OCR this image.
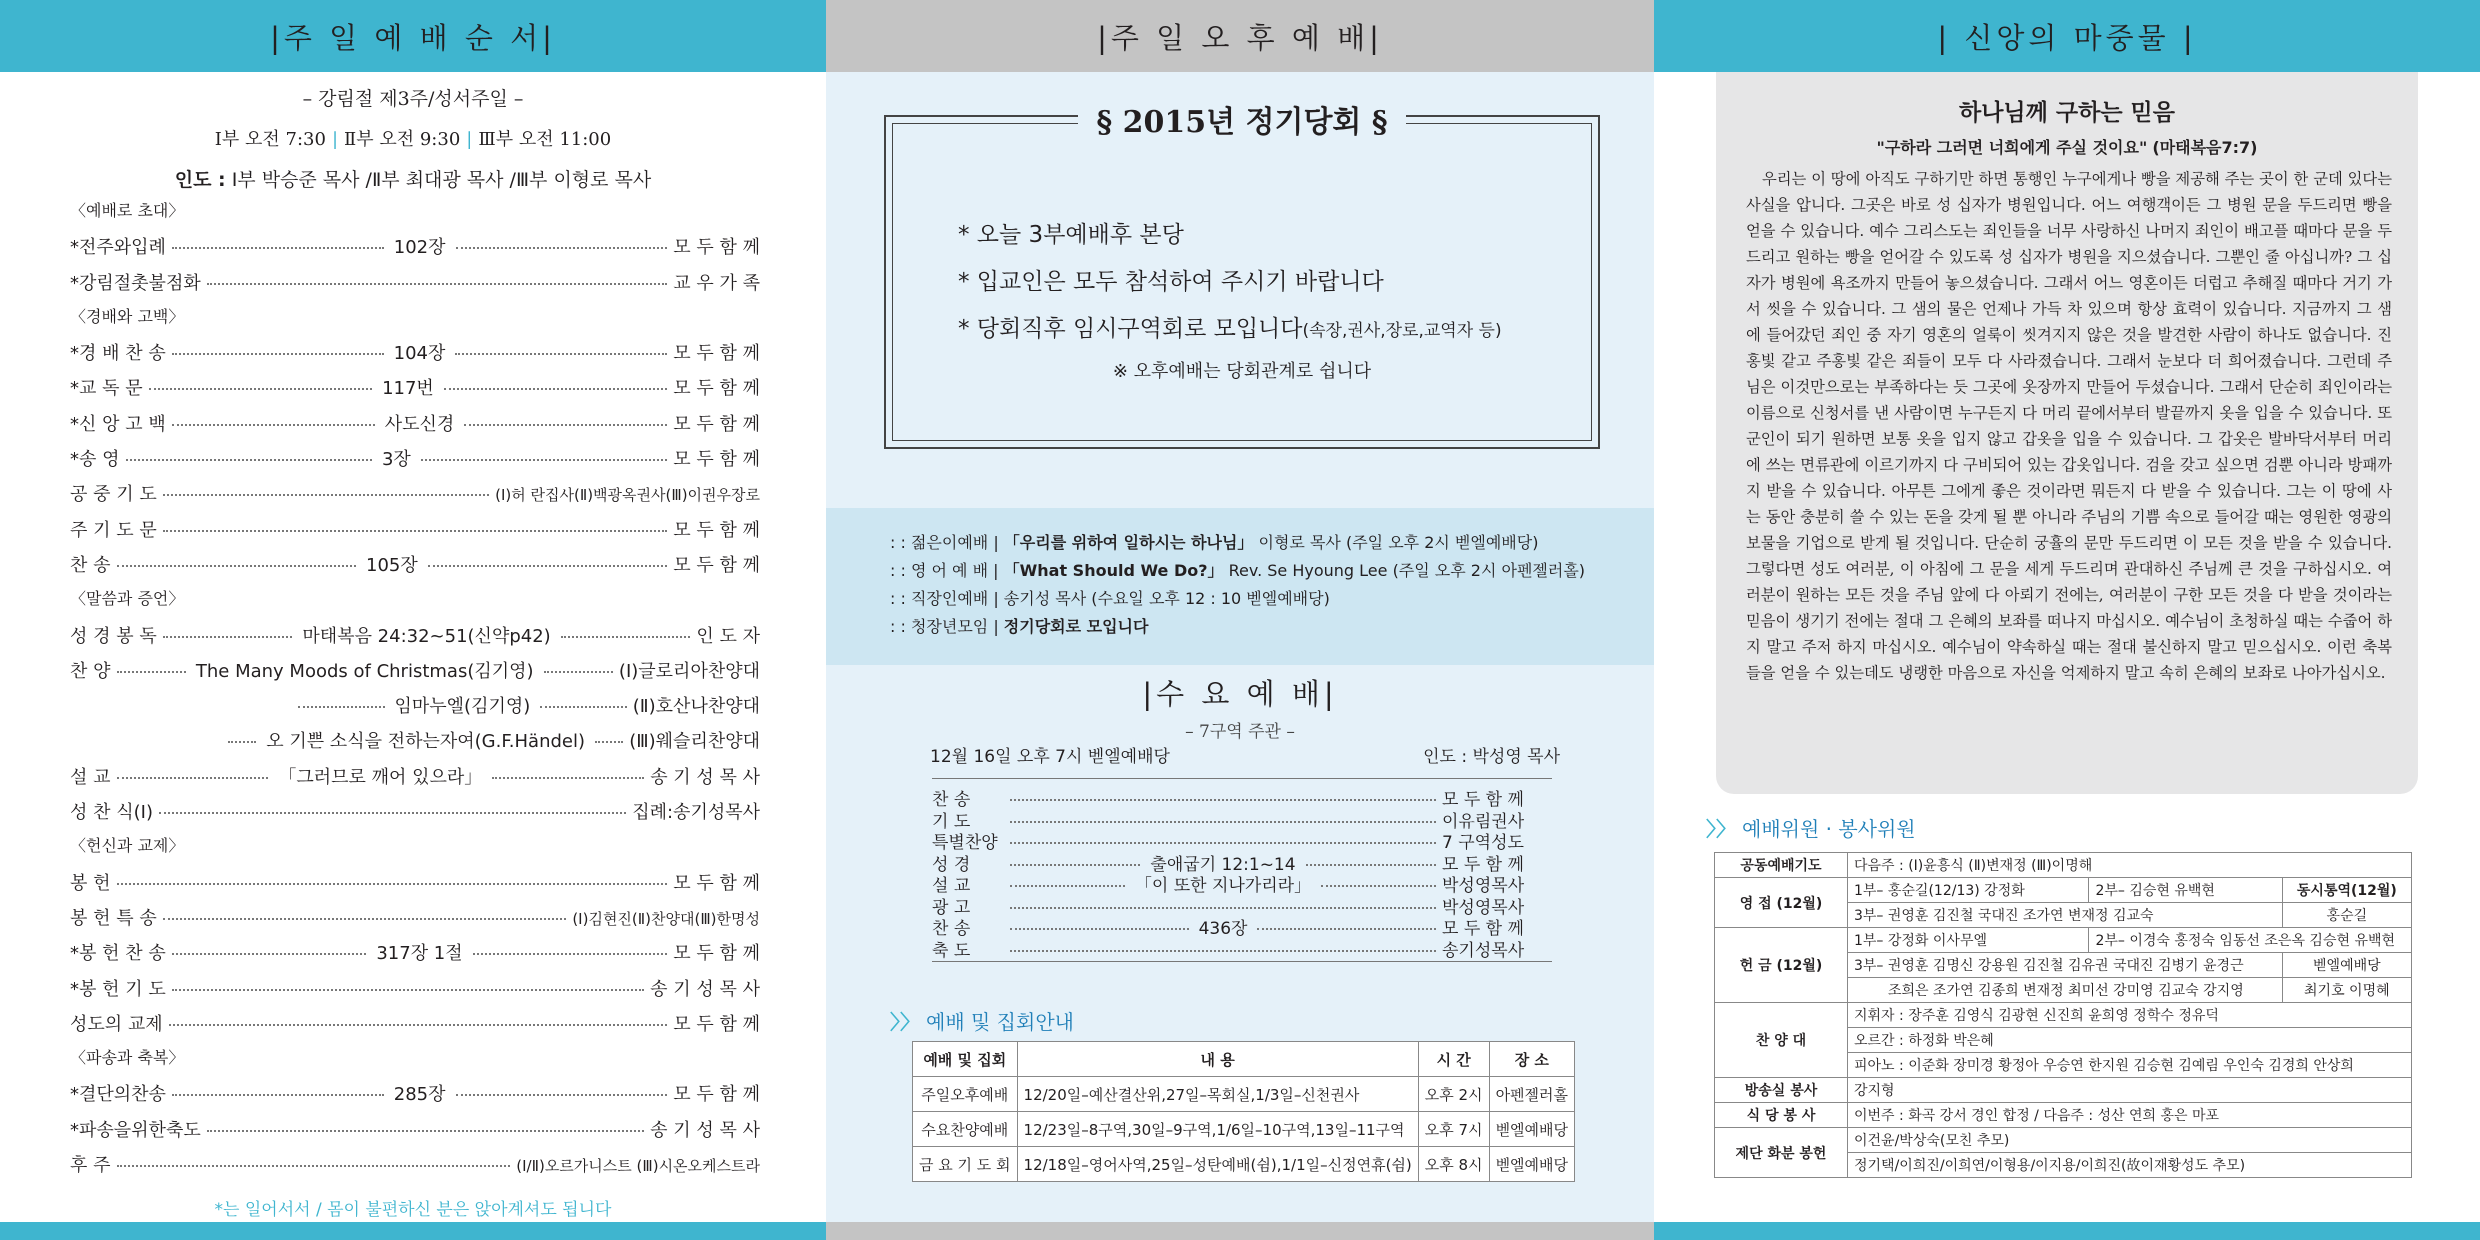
|주 일 예 배 순 서|
– 강림절 제3주/성서주일 –
Ⅰ부 오전 7:30 | Ⅱ부 오전 9:30 | Ⅲ부 오전 11:00
인도 : Ⅰ부 박승준 목사 /Ⅱ부 최대광 목사 /Ⅲ부 이형로 목사
〈예배로 초대〉
*전주와입례	102장	모 두 함 께
*강림절촛불점화	교 우 가 족
〈경배와 고백〉
*경 배 찬 송	104장	모 두 함 께
*교 독 문	117번	모 두 함 께
*신 앙 고 백	사도신경	모 두 함 께
*송 영	3장	모 두 함 께
공 중 기 도	(Ⅰ)허 란집사(Ⅱ)백광옥권사(Ⅲ)이권우장로
주 기 도 문	모 두 함 께
찬 송	105장	모 두 함 께
〈말씀과 증언〉
성 경 봉 독	마태복음 24:32~51(신약p42)	인 도 자
찬 양	The Many Moods of Christmas(김기영)	(Ⅰ)글로리아찬양대
임마누엘(김기영)	(Ⅱ)호산나찬양대
오 기쁜 소식을 전하는자여(G.F.Händel) (Ⅲ)웨슬리찬양대
설 교	「그러므로 깨어 있으라」	송 기 성 목 사
성 찬 식(Ⅰ)	집례:송기성목사
〈헌신과 교제〉
봉 헌	모 두 함 께
봉 헌 특 송	(Ⅰ)김현진(Ⅱ)찬양대(Ⅲ)한명성
*봉 헌 찬 송	317장 1절	모 두 함 께
*봉 헌 기 도	송 기 성 목 사
성도의 교제	모 두 함 께
〈파송과 축복〉
*결단의찬송	285장	모 두 함 께
*파송을위한축도	송 기 성 목 사
후 주	(Ⅰ/Ⅱ)오르가니스트 (Ⅲ)시온오케스트라
*는 일어서서 / 몸이 불편하신 분은 앉아계셔도 됩니다
|주 일 오 후 예 배|
§ 2015년 정기당회 §
* 오늘 3부예배후 본당
* 입교인은 모두 참석하여 주시기 바랍니다
* 당회직후 임시구역회로 모입니다(속장,권사,장로,교역자 등)
※ 오후예배는 당회관계로 쉽니다
: : 젊은이예배 | 「우리를 위하여 일하시는 하나님」 이형로 목사 (주일 오후 2시 벧엘예배당)
: : 영 어 예 배 | 「What Should We Do?」 Rev. Se Hyoung Lee (주일 오후 2시 아펜젤러홀)
: : 직장인예배 | 송기성 목사 (수요일 오후 12 : 10 벧엘예배당)
: : 청장년모임 | 정기당회로 모입니다
|수 요 예 배|
– 7구역 주관 –
12월 16일 오후 7시 벧엘예배당	인도 : 박성영 목사
찬 송	모 두 함 께
기 도	이유림권사
특별찬양	7 구역성도
성 경	출애굽기 12:1~14	모 두 함 께
설 교	「이 또한 지나가리라」	박성영목사
광 고	박성영목사
찬 송	436장	모 두 함 께
축 도	송기성목사
〉〉 예배 및 집회안내
예배 및 집회	내 용	시 간	장 소
주일오후예배	12/20일–예산결산위,27일–목회실,1/3일–신천권사	오후 2시	아펜젤러홀
수요찬양예배	12/23일–8구역,30일–9구역,1/6일–10구역,13일–11구역	오후 7시	벧엘예배당
금 요 기 도 회	12/18일–영어사역,25일–성탄예배(쉼),1/1일–신정연휴(쉼)	오후 8시	벧엘예배당
| 신앙의 마중물 |
하나님께 구하는 믿음
"구하라 그러면 너희에게 주실 것이요" (마태복음7:7)
우리는 이 땅에 아직도 구하기만 하면 통행인 누구에게나 빵을 제공해 주는 곳이 한 군데 있다는 사실을 압니다. 그곳은 바로 성 십자가 병원입니다. 어느 여행객이든 그 병원 문을 두드리면 빵을 얻을 수 있습니다. 예수 그리스도는 죄인들을 너무 사랑하신 나머지 죄인이 배고플 때마다 문을 두드리고 원하는 빵을 얻어갈 수 있도록 성 십자가 병원을 지으셨습니다. 그뿐인 줄 아십니까? 그 십자가 병원에 욕조까지 만들어 놓으셨습니다. 그래서 어느 영혼이든 더럽고 추해질 때마다 거기 가서 씻을 수 있습니다. 그 샘의 물은 언제나 가득 차 있으며 항상 효력이 있습니다. 지금까지 그 샘에 들어갔던 죄인 중 자기 영혼의 얼룩이 씻겨지지 않은 것을 발견한 사람이 하나도 없습니다. 진홍빛 같고 주홍빛 같은 죄들이 모두 다 사라졌습니다. 그래서 눈보다 더 희어졌습니다. 그런데 주님은 이것만으로는 부족하다는 듯 그곳에 옷장까지 만들어 두셨습니다. 그래서 단순히 죄인이라는 이름으로 신청서를 낸 사람이면 누구든지 다 머리 끝에서부터 발끝까지 옷을 입을 수 있습니다. 또 군인이 되기 원하면 보통 옷을 입지 않고 갑옷을 입을 수 있습니다. 그 갑옷은 발바닥서부터 머리에 쓰는 면류관에 이르기까지 다 구비되어 있는 갑옷입니다. 검을 갖고 싶으면 검뿐 아니라 방패까지 받을 수 있습니다. 아무튼 그에게 좋은 것이라면 뭐든지 다 받을 수 있습니다. 그는 이 땅에 사는 동안 충분히 쓸 수 있는 돈을 갖게 될 뿐 아니라 주님의 기쁨 속으로 들어갈 때는 영원한 영광의 보물을 기업으로 받게 될 것입니다. 단순히 궁휼의 문만 두드리면 이 모든 것을 받을 수 있습니다. 그렇다면 성도 여러분, 이 아침에 그 문을 세게 두드리며 관대하신 주님께 큰 것을 구하십시오. 여러분이 원하는 모든 것을 주님 앞에 다 아뢰기 전에는, 여러분이 구한 모든 것을 다 받을 것이라는 믿음이 생기기 전에는 절대 그 은혜의 보좌를 떠나지 마십시오. 예수님이 초청하실 때는 수줍어 하지 말고 주저 하지 마십시오. 예수님이 약속하실 때는 절대 불신하지 말고 믿으십시오. 이런 축복들을 얻을 수 있는데도 냉랭한 마음으로 자신을 억제하지 말고 속히 은혜의 보좌로 나아가십시오.
〉〉 예배위원 · 봉사위원
공동예배기도	다음주 : (Ⅰ)윤흥식 (Ⅱ)변재정 (Ⅲ)이명해		
영 접 (12월)	1부– 홍순길(12/13) 강정화	2부– 김승현 유백현	동시통역(12월)
	3부– 권영훈 김진철 국대진 조가연 변재정 김교숙		홍순길
헌 금 (12월)	1부– 강정화 이사무엘	2부– 이경숙 홍정숙 임동선 조은옥 김승현 유백현	
	3부– 권영훈 김명신 강용원 김진철 김유권 국대진 김병기 윤경근		벧엘예배당
	조희은 조가연 김종희 변재정 최미선 강미영 김교숙 강지영		최기호 이명혜
찬 양 대	지휘자 : 장주훈 김영식 김광현 신진희 윤희영 정학수 정유덕		
	오르간 : 하정화 박은혜		
	피아노 : 이준화 장미경 황정아 우승연 한지원 김승현 김예림 우인숙 김경희 안상희		
방송실 봉사	강지형		
식 당 봉 사	이번주 : 화곡 강서 경인 합정 / 다음주 : 성산 연희 홍은 마포		
제단 화분 봉헌	이건윤/박상숙(모친 추모)		
	정기택/이희진/이희연/이형용/이지용/이희진(故이재황성도 추모)		
